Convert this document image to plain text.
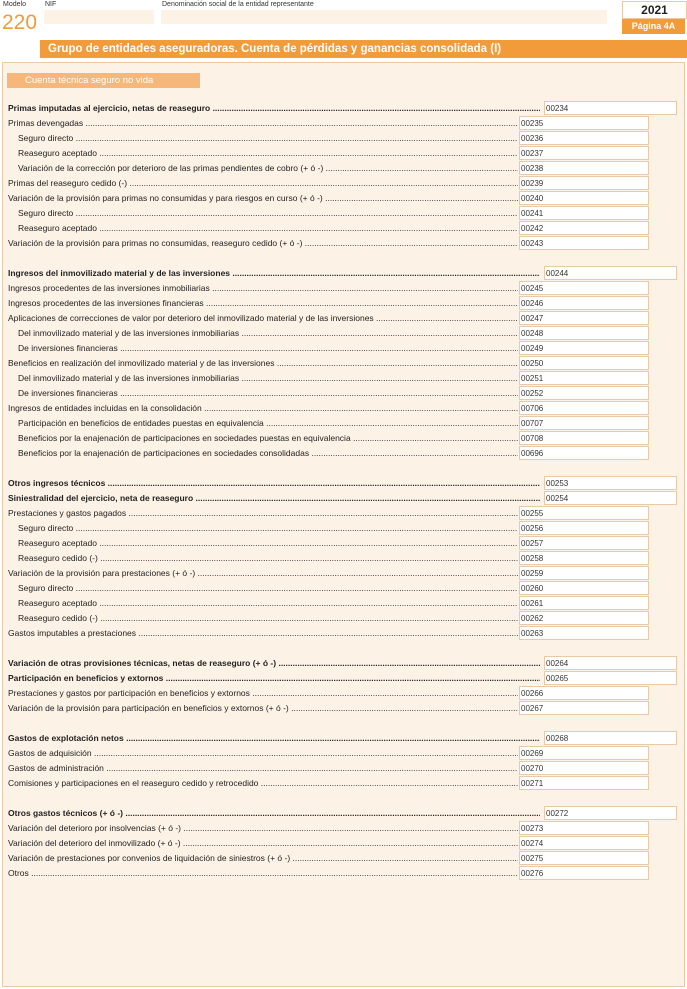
Modelo
220
NIF	Denominación social de la entidad representante	2021
Página 4A
Grupo de entidades aseguradoras. Cuenta de pérdidas y ganancias consolidada (I)
Cuenta técnica seguro no vida
Primas imputadas al ejercicio, netas de reaseguro .....	00234
Primas devengadas .....	00235
Seguro directo .....	00236
Reaseguro aceptado .....	00237
Variación de la corrección por deterioro de las primas pendientes de cobro (+ ó -) .....	00238
Primas del reaseguro cedido (-) .....	00239
Variación de la provisión para primas no consumidas y para riesgos en curso (+ ó -) .....	00240
Seguro directo .....	00241
Reaseguro aceptado .....	00242
Variación de la provisión para primas no consumidas, reaseguro cedido (+ ó -) .....	00243
Ingresos del inmovilizado material y de las inversiones .....	00244
Ingresos procedentes de las inversiones inmobiliarias .....	00245
Ingresos procedentes de las inversiones financieras .....	00246
Aplicaciones de correcciones de valor por deterioro del inmovilizado material y de las inversiones .....	00247
Del inmovilizado material y de las inversiones inmobiliarias .....	00248
De inversiones financieras .....	00249
Beneficios en realización del inmovilizado material y de las inversiones .....	00250
Del inmovilizado material y de las inversiones inmobiliarias .....	00251
De inversiones financieras .....	00252
Ingresos de entidades incluidas en la consolidación .....	00706
Participación en beneficios de entidades puestas en equivalencia .....	00707
Beneficios por la enajenación de participaciones en sociedades puestas en equivalencia .....	00708
Beneficios por la enajenación de participaciones en sociedades consolidadas .....	00696
Otros ingresos técnicos .....	00253
Siniestralidad del ejercicio, neta de reaseguro .....	00254
Prestaciones y gastos pagados .....	00255
Seguro directo .....	00256
Reaseguro aceptado .....	00257
Reaseguro cedido (-) .....	00258
Variación de la provisión para prestaciones (+ ó -) .....	00259
Seguro directo .....	00260
Reaseguro aceptado .....	00261
Reaseguro cedido (-) .....	00262
Gastos imputables a prestaciones .....	00263
Variación de otras provisiones técnicas, netas de reaseguro (+ ó -) .....	00264
Participación en beneficios y extornos .....	00265
Prestaciones y gastos por participación en beneficios y extornos .....	00266
Variación de la provisión para participación en beneficios y extornos (+ ó -) .....	00267
Gastos de explotación netos .....	00268
Gastos de adquisición .....	00269
Gastos de administración .....	00270
Comisiones y participaciones en el reaseguro cedido y retrocedido .....	00271
Otros gastos técnicos (+ ó -) .....	00272
Variación del deterioro por insolvencias (+ ó -) .....	00273
Variación del deterioro del inmovilizado (+ ó -) .....	00274
Variación de prestaciones por convenios de liquidación de siniestros (+ ó -) .....	00275
Otros .....	00276
